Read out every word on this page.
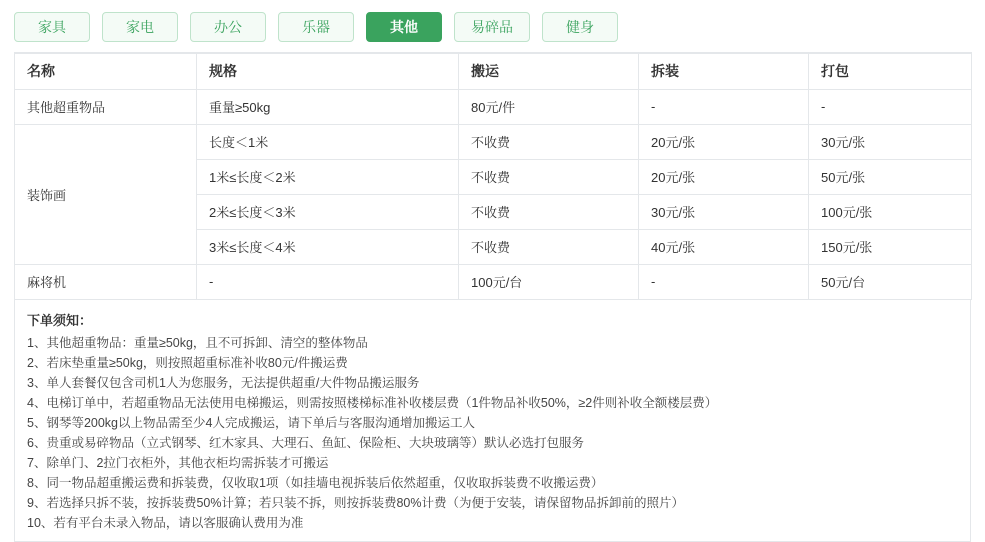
家具	家电	办公	乐器	其他	易碎品	健身
名称	规格	搬运	拆装	打包
其他超重物品	重量≥50kg	80元/件	-	-
装饰画	长度＜1米	不收费	20元/张	30元/张
	1米≤长度＜2米	不收费	20元/张	50元/张
	2米≤长度＜3米	不收费	30元/张	100元/张
	3米≤长度＜4米	不收费	40元/张	150元/张
麻将机	-	100元/台	-	50元/台
下单须知：
1、其他超重物品：重量≥50kg，且不可拆卸、清空的整体物品
2、若床垫重量≥50kg，则按照超重标准补收80元/件搬运费
3、单人套餐仅包含司机1人为您服务，无法提供超重/大件物品搬运服务
4、电梯订单中，若超重物品无法使用电梯搬运，则需按照楼梯标准补收楼层费（1件物品补收50%，≥2件则补收全额楼层费）
5、钢琴等200kg以上物品需至少4人完成搬运，请下单后与客服沟通增加搬运工人
6、贵重或易碎物品（立式钢琴、红木家具、大理石、鱼缸、保险柜、大块玻璃等）默认必选打包服务
7、除单门、2拉门衣柜外，其他衣柜均需拆装才可搬运
8、同一物品超重搬运费和拆装费，仅收取1项（如挂墙电视拆装后依然超重，仅收取拆装费不收搬运费）
9、若选择只拆不装，按拆装费50%计算；若只装不拆，则按拆装费80%计费（为便于安装，请保留物品拆卸前的照片）
10、若有平台未录入物品，请以客服确认费用为准
